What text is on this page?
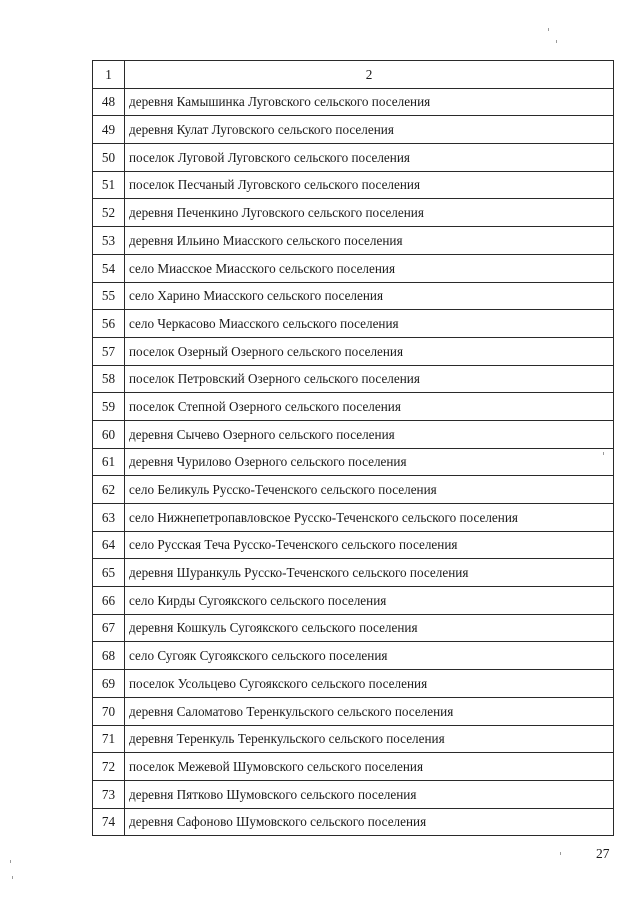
1	2
48	деревня Камышинка Луговского сельского поселения
49	деревня Кулат Луговского сельского поселения
50	поселок Луговой Луговского сельского поселения
51	поселок Песчаный Луговского сельского поселения
52	деревня Печенкино Луговского сельского поселения
53	деревня Ильино Миасского сельского поселения
54	село Миасское Миасского сельского поселения
55	село Харино Миасского сельского поселения
56	село Черкасово Миасского сельского поселения
57	поселок Озерный Озерного сельского поселения
58	поселок Петровский Озерного сельского поселения
59	поселок Степной Озерного сельского поселения
60	деревня Сычево Озерного сельского поселения
61	деревня Чурилово Озерного сельского поселения
62	село Беликуль Русско-Теченского сельского поселения
63	село Нижнепетропавловское Русско-Теченского сельского поселения
64	село Русская Теча Русско-Теченского сельского поселения
65	деревня Шуранкуль Русско-Теченского сельского поселения
66	село Кирды Сугоякского сельского поселения
67	деревня Кошкуль Сугоякского сельского поселения
68	село Сугояк Сугоякского сельского поселения
69	поселок Усольцево Сугоякского сельского поселения
70	деревня Саломатово Теренкульского сельского поселения
71	деревня Теренкуль Теренкульского сельского поселения
72	поселок Межевой Шумовского сельского поселения
73	деревня Пятково Шумовского сельского поселения
74	деревня Сафоново Шумовского сельского поселения
27
